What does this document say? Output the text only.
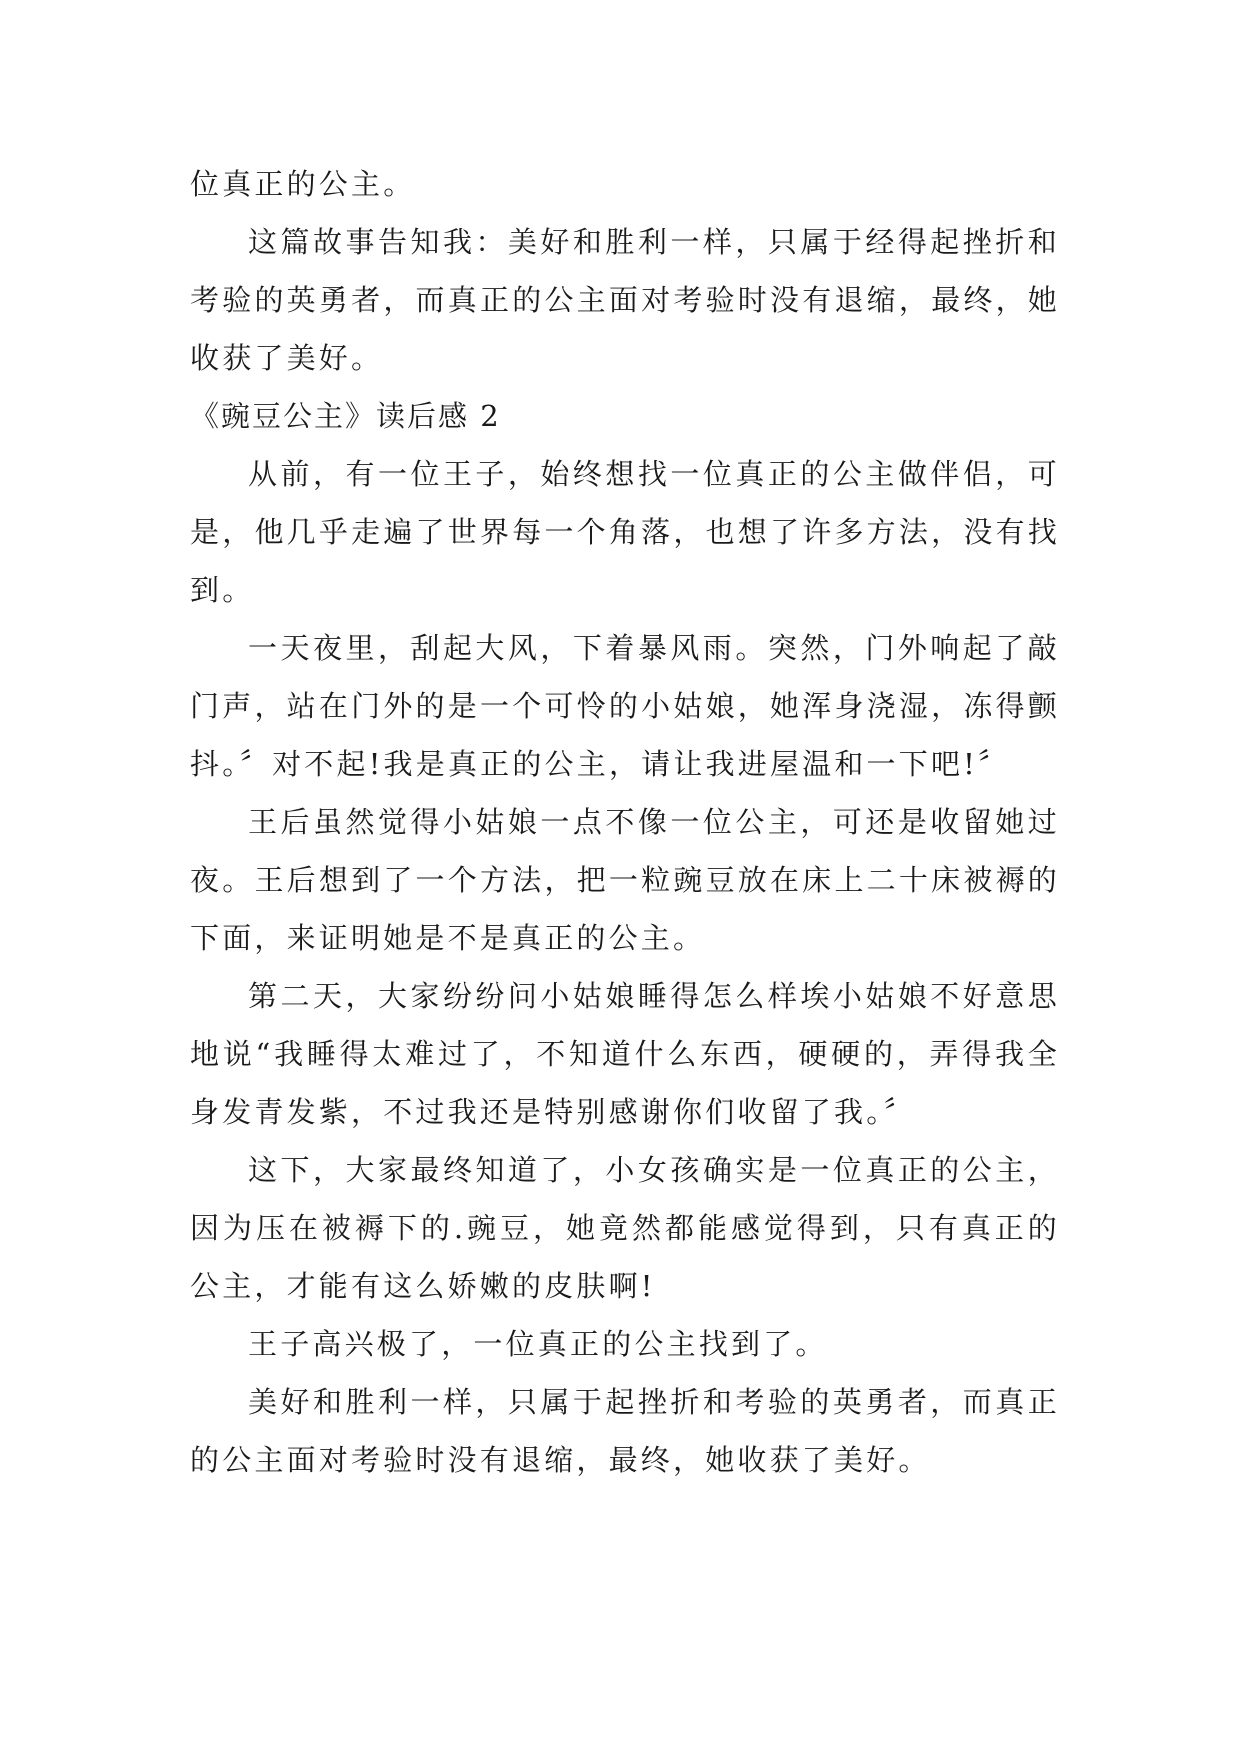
位真正的公主。

这篇故事告知我：美好和胜利一样，只属于经得起挫折和考验的英勇者，而真正的公主面对考验时没有退缩，最终，她收获了美好。

《豌豆公主》读后感 2

从前，有一位王子，始终想找一位真正的公主做伴侣，可是，他几乎走遍了世界每一个角落，也想了许多方法，没有找到。

一天夜里，刮起大风，下着暴风雨。突然，门外响起了敲门声，站在门外的是一个可怜的小姑娘，她浑身浇湿，冻得颤抖。〞对不起!我是真正的公主，请让我进屋温和一下吧!〞

王后虽然觉得小姑娘一点不像一位公主，可还是收留她过夜。王后想到了一个方法，把一粒豌豆放在床上二十床被褥的下面，来证明她是不是真正的公主。

第二天，大家纷纷问小姑娘睡得怎么样埃小姑娘不好意思地说“我睡得太难过了，不知道什么东西，硬硬的，弄得我全身发青发紫，不过我还是特别感谢你们收留了我。〞

这下，大家最终知道了，小女孩确实是一位真正的公主，因为压在被褥下的.豌豆，她竟然都能感觉得到，只有真正的公主，才能有这么娇嫩的皮肤啊!

王子高兴极了，一位真正的公主找到了。

美好和胜利一样，只属于起挫折和考验的英勇者，而真正的公主面对考验时没有退缩，最终，她收获了美好。
